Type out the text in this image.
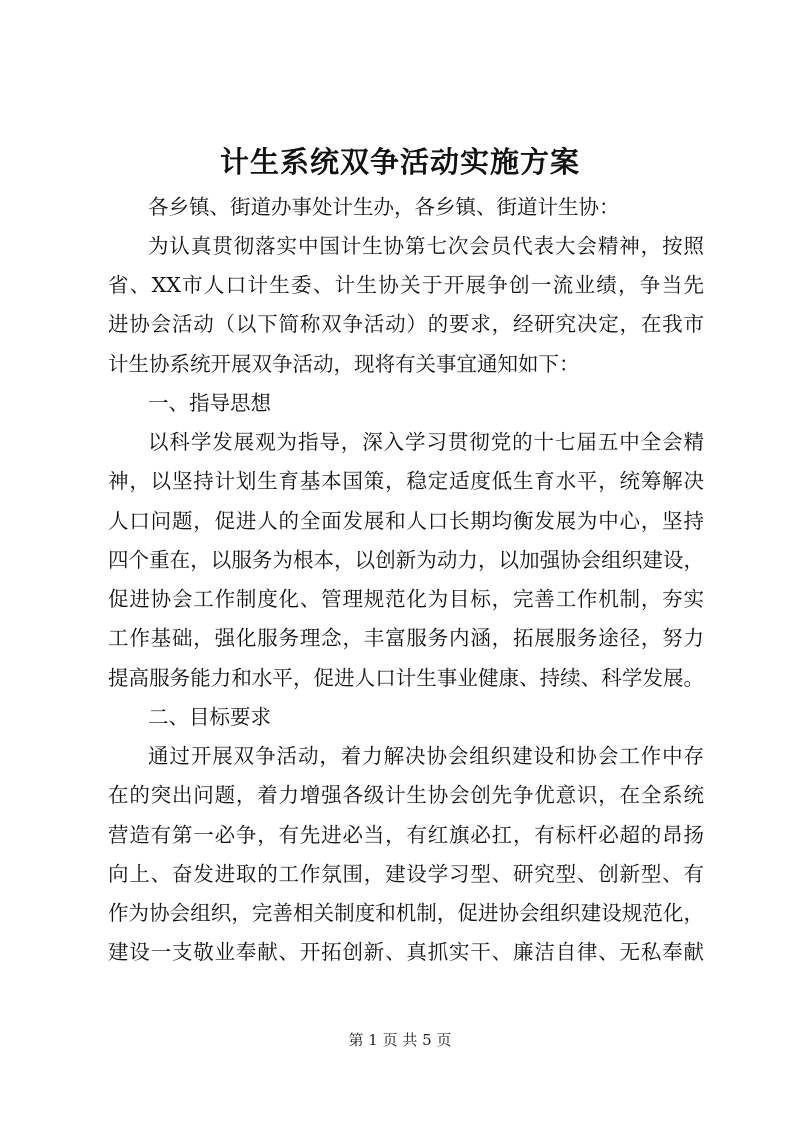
计生系统双争活动实施方案
各乡镇、街道办事处计生办，各乡镇、街道计生协：
为认真贯彻落实中国计生协第七次会员代表大会精神，按照
省、XX市人口计生委、计生协关于开展争创一流业绩，争当先
进协会活动（以下简称双争活动）的要求，经研究决定，在我市
计生协系统开展双争活动，现将有关事宜通知如下：
一、指导思想
以科学发展观为指导，深入学习贯彻党的十七届五中全会精
神，以坚持计划生育基本国策，稳定适度低生育水平，统筹解决
人口问题，促进人的全面发展和人口长期均衡发展为中心，坚持
四个重在，以服务为根本，以创新为动力，以加强协会组织建设，
促进协会工作制度化、管理规范化为目标，完善工作机制，夯实
工作基础，强化服务理念，丰富服务内涵，拓展服务途径，努力
提高服务能力和水平，促进人口计生事业健康、持续、科学发展。
二、目标要求
通过开展双争活动，着力解决协会组织建设和协会工作中存
在的突出问题，着力增强各级计生协会创先争优意识，在全系统
营造有第一必争，有先进必当，有红旗必扛，有标杆必超的昂扬
向上、奋发进取的工作氛围，建设学习型、研究型、创新型、有
作为协会组织，完善相关制度和机制，促进协会组织建设规范化，
建设一支敬业奉献、开拓创新、真抓实干、廉洁自律、无私奉献
第 1 页 共 5 页
